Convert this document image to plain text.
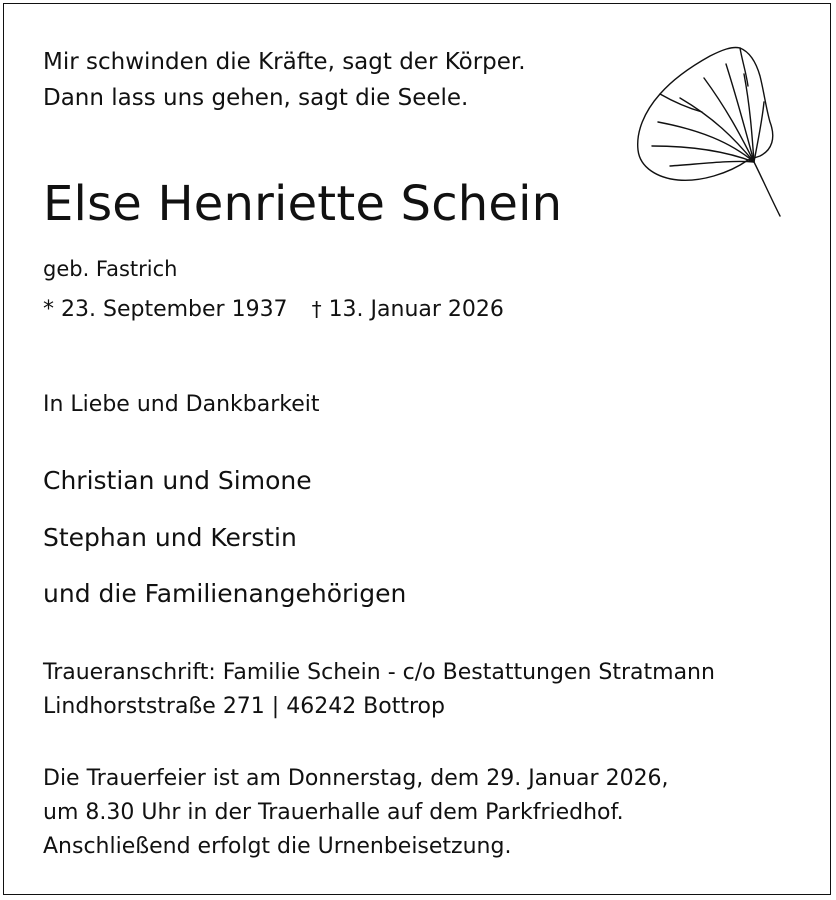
Mir schwinden die Kräfte, sagt der Körper.
Dann lass uns gehen, sagt die Seele.
Else Henriette Schein
geb. Fastrich
* 23. September 1937 † 13. Januar 2026
In Liebe und Dankbarkeit
Christian und Simone
Stephan und Kerstin
und die Familienangehörigen
Traueranschrift: Familie Schein - c/o Bestattungen Stratmann
Lindhorststraße 271 | 46242 Bottrop
Die Trauerfeier ist am Donnerstag, dem 29. Januar 2026,
um 8.30 Uhr in der Trauerhalle auf dem Parkfriedhof.
Anschließend erfolgt die Urnenbeisetzung.
